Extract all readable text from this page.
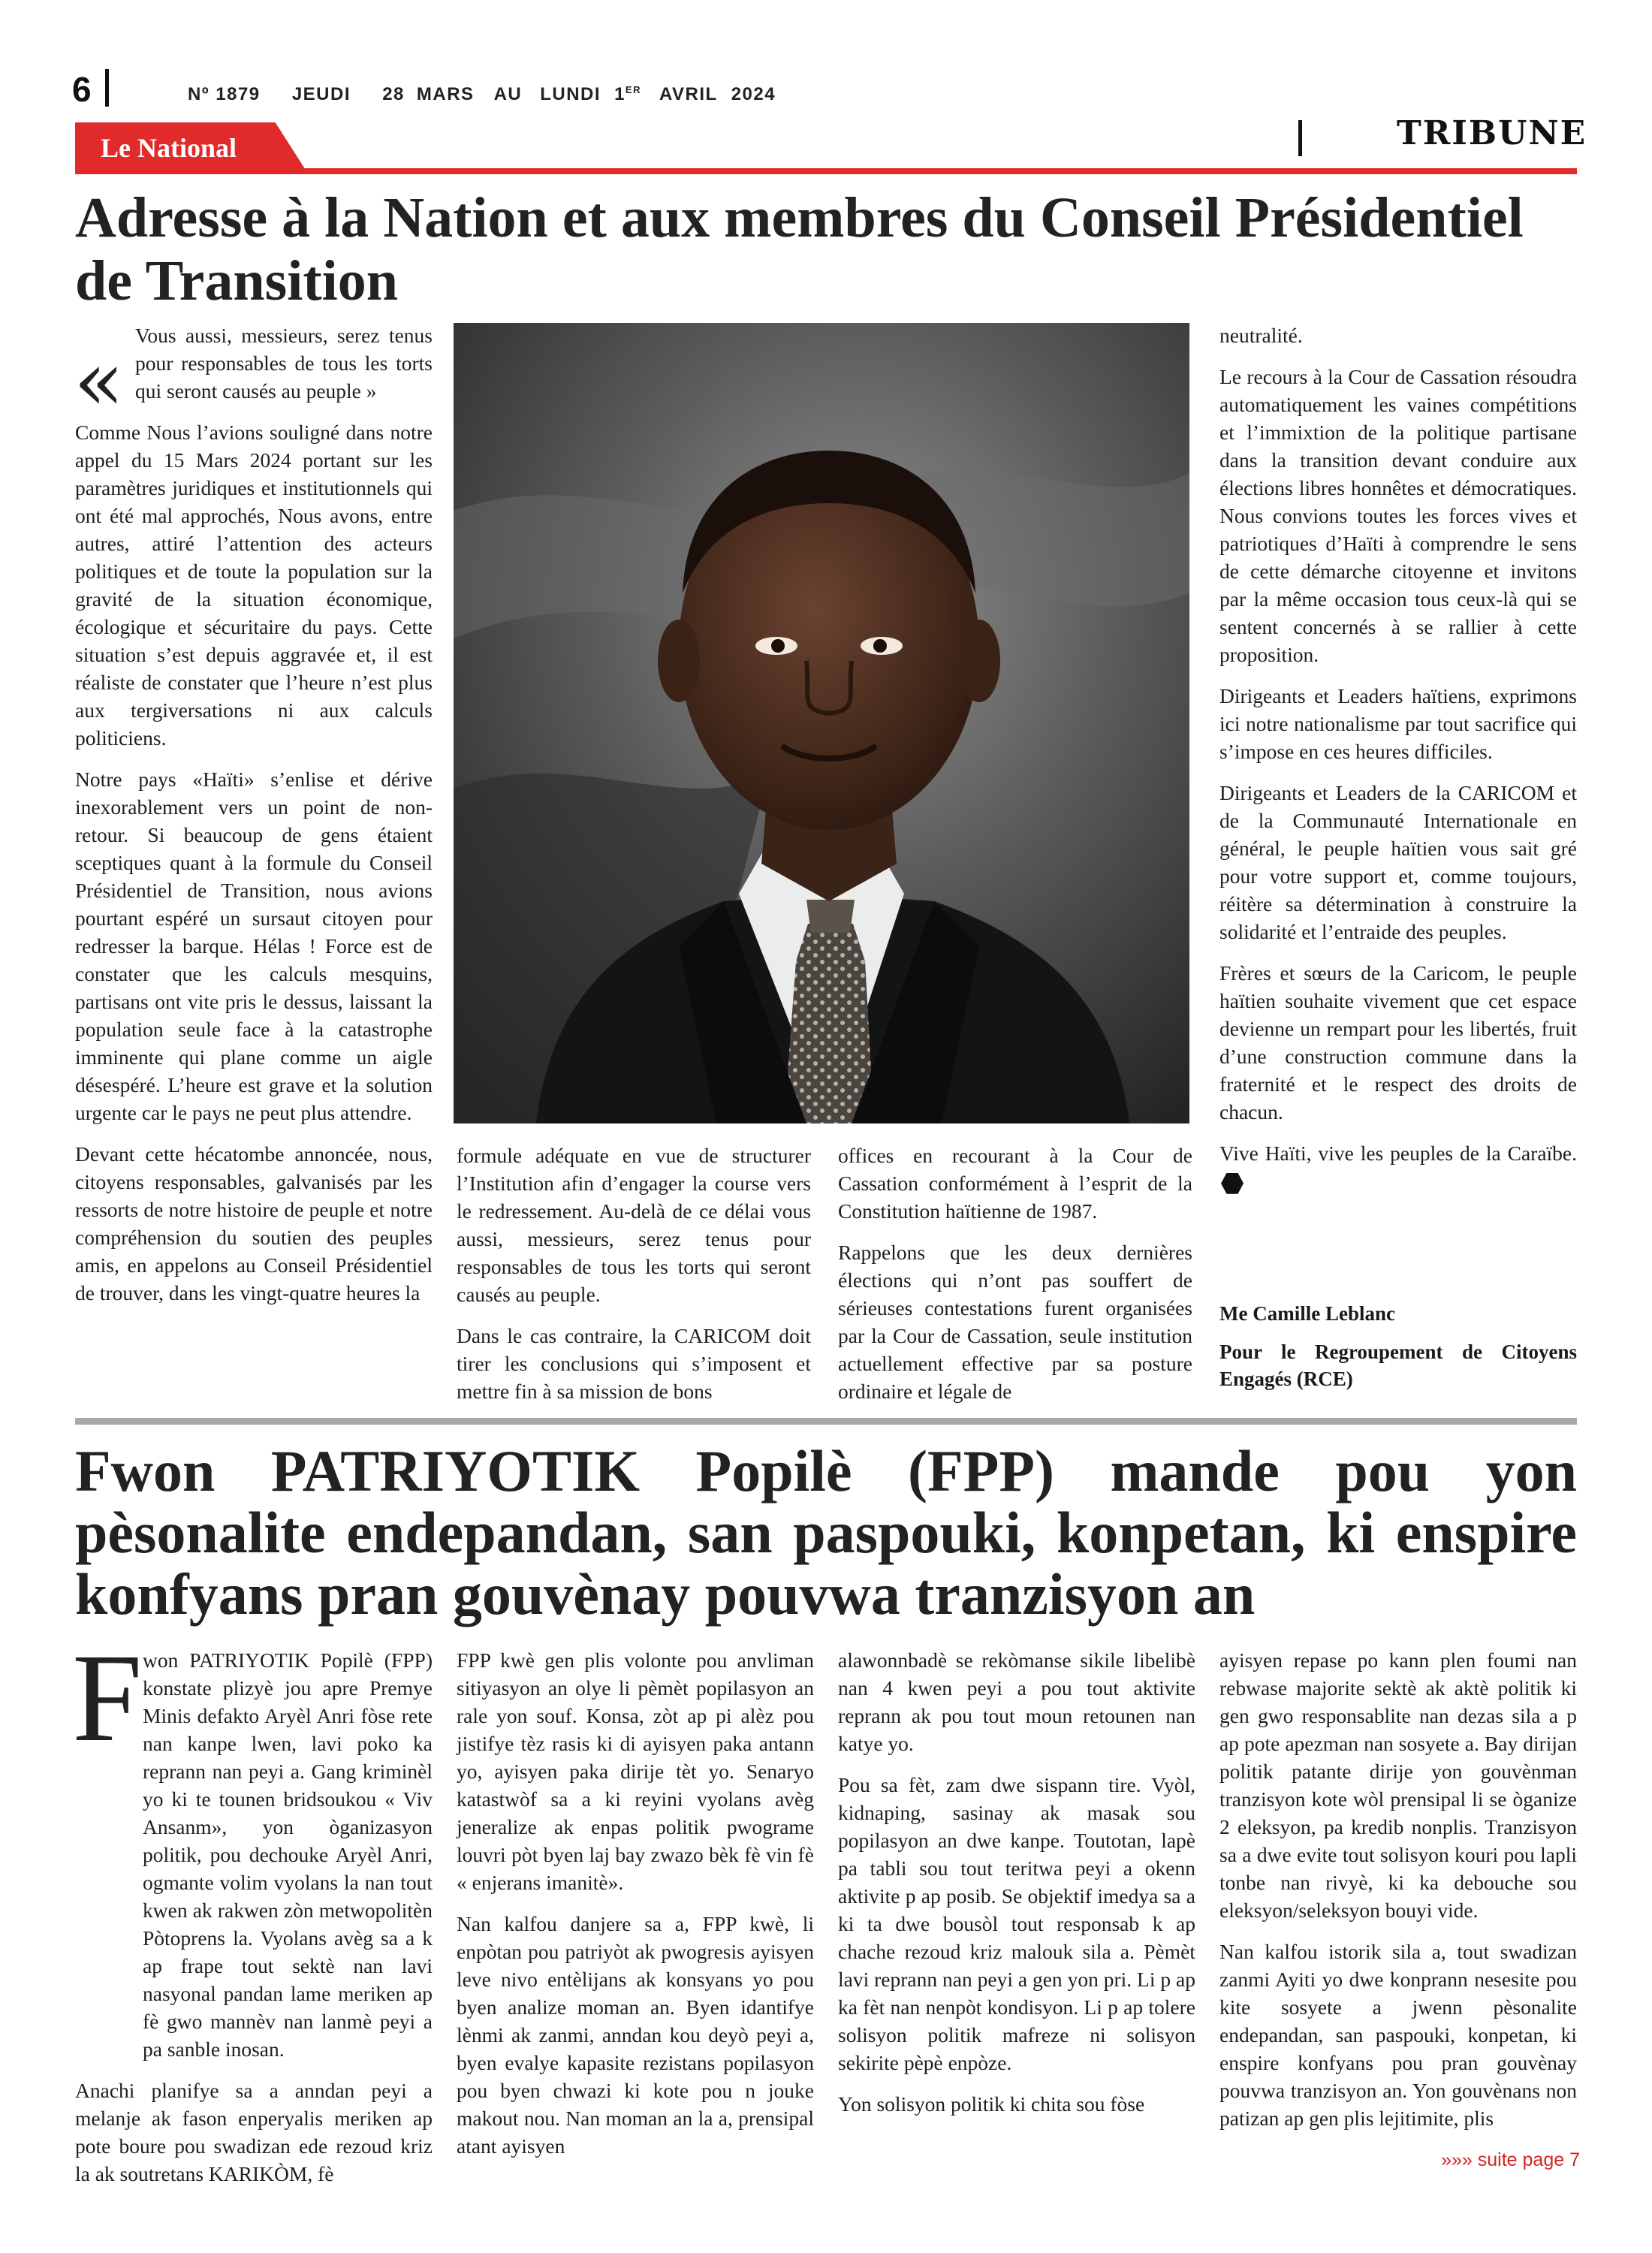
6	Nº 1879 JEUDI 28 MARS AU LUNDI 1ER AVRIL 2024
Le National	TRIBUNE
Adresse à la Nation et aux membres du Conseil Présidentiel de Transition
« Vous aussi, messieurs, serez tenus pour responsables de tous les torts qui seront causés au peuple »

Comme Nous l’avions souligné dans notre appel du 15 Mars 2024 portant sur les paramètres juridiques et institutionnels qui ont été mal approchés, Nous avons, entre autres, attiré l’attention des acteurs politiques et de toute la population sur la gravité de la situation économique, écologique et sécuritaire du pays. Cette situation s’est depuis aggravée et, il est réaliste de constater que l’heure n’est plus aux tergiversations ni aux calculs politiciens.

Notre pays «Haïti» s’enlise et dérive inexorablement vers un point de non-retour. Si beaucoup de gens étaient sceptiques quant à la formule du Conseil Présidentiel de Transition, nous avions pourtant espéré un sursaut citoyen pour redresser la barque. Hélas ! Force est de constater que les calculs mesquins, partisans ont vite pris le dessus, laissant la population seule face à la catastrophe imminente qui plane comme un aigle désespéré. L’heure est grave et la solution urgente car le pays ne peut plus attendre.

Devant cette hécatombe annoncée, nous, citoyens responsables, galvanisés par les ressorts de notre histoire de peuple et notre compréhension du soutien des peuples amis, en appelons au Conseil Présidentiel de trouver, dans les vingt-quatre heures la

formule adéquate en vue de structurer l’Institution afin d’engager la course vers le redressement. Au-delà de ce délai vous aussi, messieurs, serez tenus pour responsables de tous les torts qui seront causés au peuple.

Dans le cas contraire, la CARICOM doit tirer les conclusions qui s’imposent et mettre fin à sa mission de bons

offices en recourant à la Cour de Cassation conformément à l’esprit de la Constitution haïtienne de 1987.

Rappelons que les deux dernières élections qui n’ont pas souffert de sérieuses contestations furent organisées par la Cour de Cassation, seule institution actuellement effective par sa posture ordinaire et légale de

neutralité.

Le recours à la Cour de Cassation résoudra automatiquement les vaines compétitions et l’immixtion de la politique partisane dans la transition devant conduire aux élections libres honnêtes et démocratiques. Nous convions toutes les forces vives et patriotiques d’Haïti à comprendre le sens de cette démarche citoyenne et invitons par la même occasion tous ceux-là qui se sentent concernés à se rallier à cette proposition.

Dirigeants et Leaders haïtiens, exprimons ici notre nationalisme par tout sacrifice qui s’impose en ces heures difficiles.

Dirigeants et Leaders de la CARICOM et de la Communauté Internationale en général, le peuple haïtien vous sait gré pour votre support et, comme toujours, réitère sa détermination à construire la solidarité et l’entraide des peuples.

Frères et sœurs de la Caricom, le peuple haïtien souhaite vivement que cet espace devienne un rempart pour les libertés, fruit d’une construction commune dans la fraternité et le respect des droits de chacun.

Vive Haïti, vive les peuples de la Caraïbe.

Me Camille Leblanc
Pour le Regroupement de Citoyens Engagés (RCE)
Fwon PATRIYOTIK Popilè (FPP) mande pou yon pèsonalite endepandan, san paspouki, konpetan, ki enspire konfyans pran gouvènay pouvwa tranzisyon an
F won PATRIYOTIK Popilè (FPP) konstate plizyè jou apre Premye Minis defakto Aryèl Anri fòse rete nan kanpe lwen, lavi poko ka reprann nan peyi a. Gang kriminèl yo ki te tounen bridsoukou « Viv Ansanm», yon òganizasyon politik, pou dechouke Aryèl Anri, ogmante volim vyolans la nan tout kwen ak rakwen zòn metwopolitèn Pòtoprens la. Vyolans avèg sa a k ap frape tout sektè nan lavi nasyonal pandan lame meriken ap fè gwo mannèv nan lanmè peyi a pa sanble inosan.

Anachi planifye sa a anndan peyi a melanje ak fason enperyalis meriken ap pote boure pou swadizan ede rezoud kriz la ak soutretans KARIKÒM, fè

FPP kwè gen plis volonte pou anvliman sitiyasyon an olye li pèmèt popilasyon an rale yon souf. Konsa, zòt ap pi alèz pou jistifye tèz rasis ki di ayisyen paka antann yo, ayisyen paka dirije tèt yo. Senaryo katastwòf sa a ki reyini vyolans avèg jeneralize ak enpas politik pwograme louvri pòt byen laj bay zwazo bèk fè vin fè « enjerans imanitè».

Nan kalfou danjere sa a, FPP kwè, li enpòtan pou patriyòt ak pwogresis ayisyen leve nivo entèlijans ak konsyans yo pou byen analize moman an. Byen idantifye lènmi ak zanmi, anndan kou deyò peyi a, byen evalye kapasite rezistans popilasyon pou byen chwazi ki kote pou n jouke makout nou. Nan moman an la a, prensipal atant ayisyen

alawonnbadè se rekòmanse sikile libelibè nan 4 kwen peyi a pou tout aktivite reprann ak pou tout moun retounen nan katye yo.

Pou sa fèt, zam dwe sispann tire. Vyòl, kidnaping, sasinay ak masak sou popilasyon an dwe kanpe. Toutotan, lapè pa tabli sou tout teritwa peyi a okenn aktivite p ap posib. Se objektif imedya sa a ki ta dwe bousòl tout responsab k ap chache rezoud kriz malouk sila a. Pèmèt lavi reprann nan peyi a gen yon pri. Li p ap ka fèt nan nenpòt kondisyon. Li p ap tolere solisyon politik mafreze ni solisyon sekirite pèpè enpòze.

Yon solisyon politik ki chita sou fòse

ayisyen repase po kann plen foumi nan rebwase majorite sektè ak aktè politik ki gen gwo responsablite nan dezas sila a p ap pote apezman nan sosyete a. Bay dirijan politik patante dirije yon gouvènman tranzisyon kote wòl prensipal li se òganize 2 eleksyon, pa kredib nonplis. Tranzisyon sa a dwe evite tout solisyon kouri pou lapli tonbe nan rivyè, ki ka debouche sou eleksyon/seleksyon bouyi vide.

Nan kalfou istorik sila a, tout swadizan zanmi Ayiti yo dwe konprann nesesite pou kite sosyete a jwenn pèsonalite endepandan, san paspouki, konpetan, ki enspire konfyans pou pran gouvènay pouvwa tranzisyon an. Yon gouvènans non patizan ap gen plis lejitimite, plis

»»» suite page 7
